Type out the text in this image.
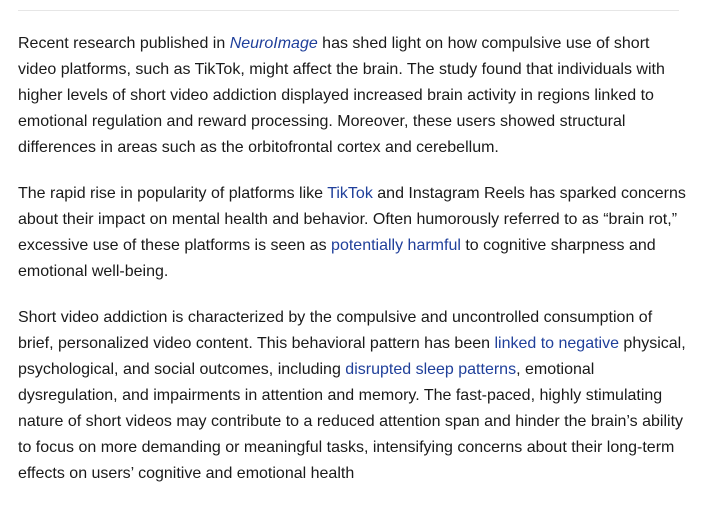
Recent research published in NeuroImage has shed light on how compulsive use of short video platforms, such as TikTok, might affect the brain. The study found that individuals with higher levels of short video addiction displayed increased brain activity in regions linked to emotional regulation and reward processing. Moreover, these users showed structural differences in areas such as the orbitofrontal cortex and cerebellum.

The rapid rise in popularity of platforms like TikTok and Instagram Reels has sparked concerns about their impact on mental health and behavior. Often humorously referred to as “brain rot,” excessive use of these platforms is seen as potentially harmful to cognitive sharpness and emotional well-being.

Short video addiction is characterized by the compulsive and uncontrolled consumption of brief, personalized video content. This behavioral pattern has been linked to negative physical, psychological, and social outcomes, including disrupted sleep patterns, emotional dysregulation, and impairments in attention and memory. The fast-paced, highly stimulating nature of short videos may contribute to a reduced attention span and hinder the brain’s ability to focus on more demanding or meaningful tasks, intensifying concerns about their long-term effects on users’ cognitive and emotional health
